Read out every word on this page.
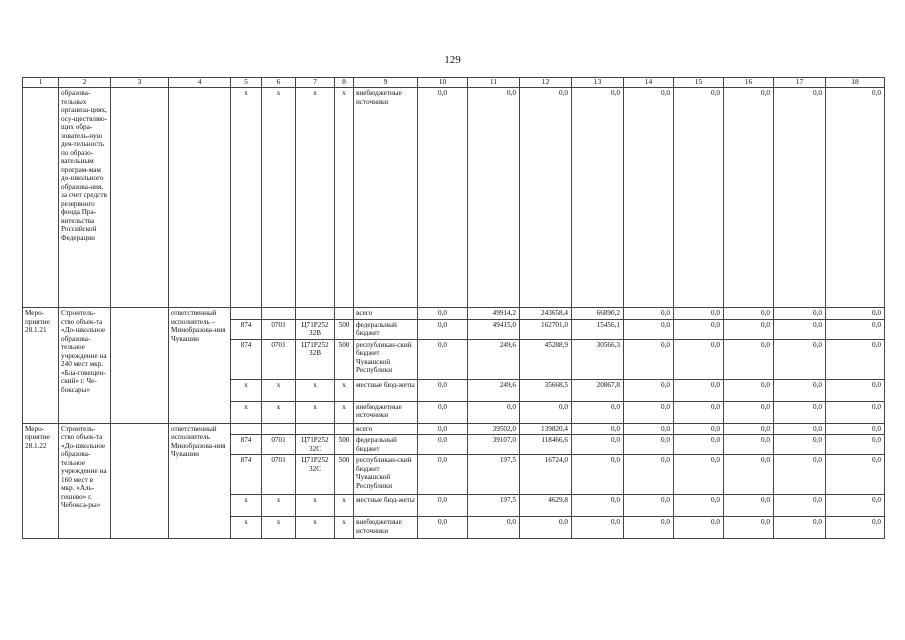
129
1	2	3	4	5	6	7	8	9	10	11	12	13	14	15	16	17	18
	образова-тельных организа-циях, осу-ществляю-щих обра-зователь-ную дея-тельность по образо-вательным програм-мам до-школьного образова-ния, за счет средств резервного фонда Пра-вительства Российской Федерации			x	x	x	x	внебюджетные источники	0,0	0,0	0,0	0,0	0,0	0,0	0,0	0,0	0,0
Меро-приятие 28.1.21	Строитель-ство объек-та «До-школьное образова-тельное учреждение на 240 мест мкр. «Бла-говещен-ский» г. Че-боксары»		ответственный исполнитель – Минобразова-ния Чувашии					всего	0,0	49914,2	243658,4	66890,2	0,0	0,0	0,0	0,0	0,0
				874	0701	Ц71Р252 32В	500	федеральный бюджет	0,0	49415,0	162701,0	15456,1	0,0	0,0	0,0	0,0	0,0
				874	0701	Ц71Р252 32В	500	республикан-ский бюджет Чувашской Республики	0,0	249,6	45288,9	30566,3	0,0	0,0	0,0	0,0	0,0
				x	x	x	x	местные бюд-жеты	0,0	249,6	35668,5	20867,8	0,0	0,0	0,0	0,0	0,0
				x	x	x	x	внебюджетные источники	0,0	0,0	0,0	0,0	0,0	0,0	0,0	0,0	0,0
Меро-приятие 28.1.22	Строитель-ство объек-та «До-школьное образова-тельное учреждение на 160 мест в мкр. «Аль-гешево» г. Чебокса-ры»		ответственный исполнитель Минобразова-ния Чувашии					всего	0,0	39502,0	139820,4	0,0	0,0	0,0	0,0	0,0	0,0
				874	0701	Ц71Р252 32С	500	федеральный бюджет	0,0	39107,0	118466,6	0,0	0,0	0,0	0,0	0,0	0,0
				874	0701	Ц71Р252 32С	500	республикан-ский бюджет Чувашской Республики	0,0	197,5	16724,0	0,0	0,0	0,0	0,0	0,0	0,0
				x	x	x	x	местные бюд-жеты	0,0	197,5	4629,8	0,0	0,0	0,0	0,0	0,0	0,0
				x	x	x	x	внебюджетные источники	0,0	0,0	0,0	0,0	0,0	0,0	0,0	0,0	0,0
